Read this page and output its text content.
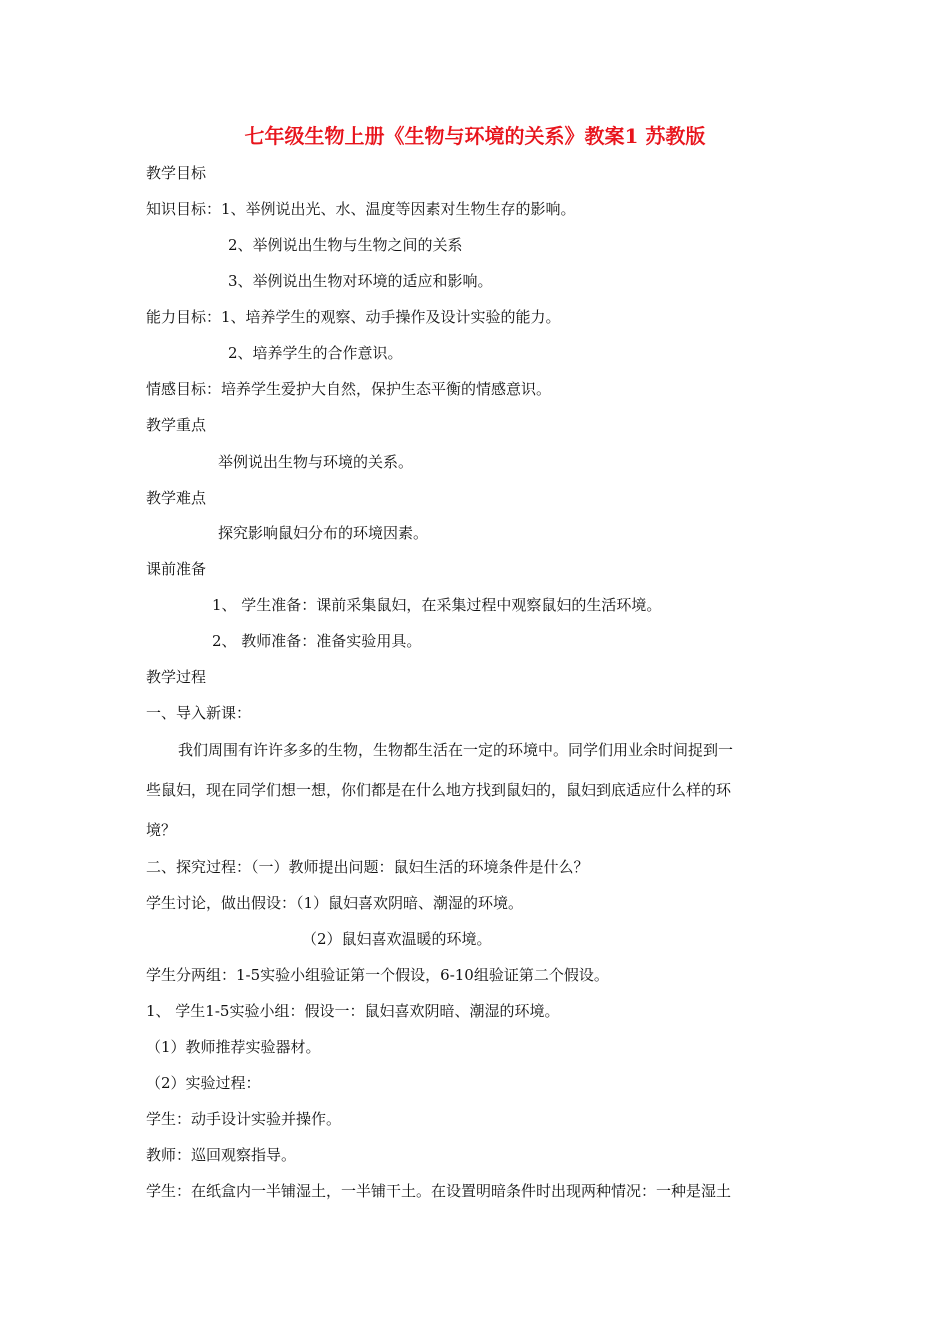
七年级生物上册《生物与环境的关系》教案1 苏教版
教学目标
知识目标：1、举例说出光、水、温度等因素对生物生存的影响。
2、举例说出生物与生物之间的关系
3、举例说出生物对环境的适应和影响。
能力目标：1、培养学生的观察、动手操作及设计实验的能力。
2、培养学生的合作意识。
情感目标：培养学生爱护大自然，保护生态平衡的情感意识。
教学重点
举例说出生物与环境的关系。
教学难点
探究影响鼠妇分布的环境因素。
课前准备
1、 学生准备：课前采集鼠妇，在采集过程中观察鼠妇的生活环境。
2、 教师准备：准备实验用具。
教学过程
一、导入新课：
我们周围有许许多多的生物，生物都生活在一定的环境中。同学们用业余时间捉到一
些鼠妇，现在同学们想一想，你们都是在什么地方找到鼠妇的，鼠妇到底适应什么样的环
境？
二、探究过程：（一）教师提出问题：鼠妇生活的环境条件是什么？
学生讨论，做出假设：（1）鼠妇喜欢阴暗、潮湿的环境。
（2）鼠妇喜欢温暖的环境。
学生分两组：1-5实验小组验证第一个假设，6-10组验证第二个假设。
1、 学生1-5实验小组：假设一：鼠妇喜欢阴暗、潮湿的环境。
（1）教师推荐实验器材。
（2）实验过程：
学生：动手设计实验并操作。
教师：巡回观察指导。
学生：在纸盒内一半铺湿土，一半铺干土。在设置明暗条件时出现两种情况：一种是湿土
